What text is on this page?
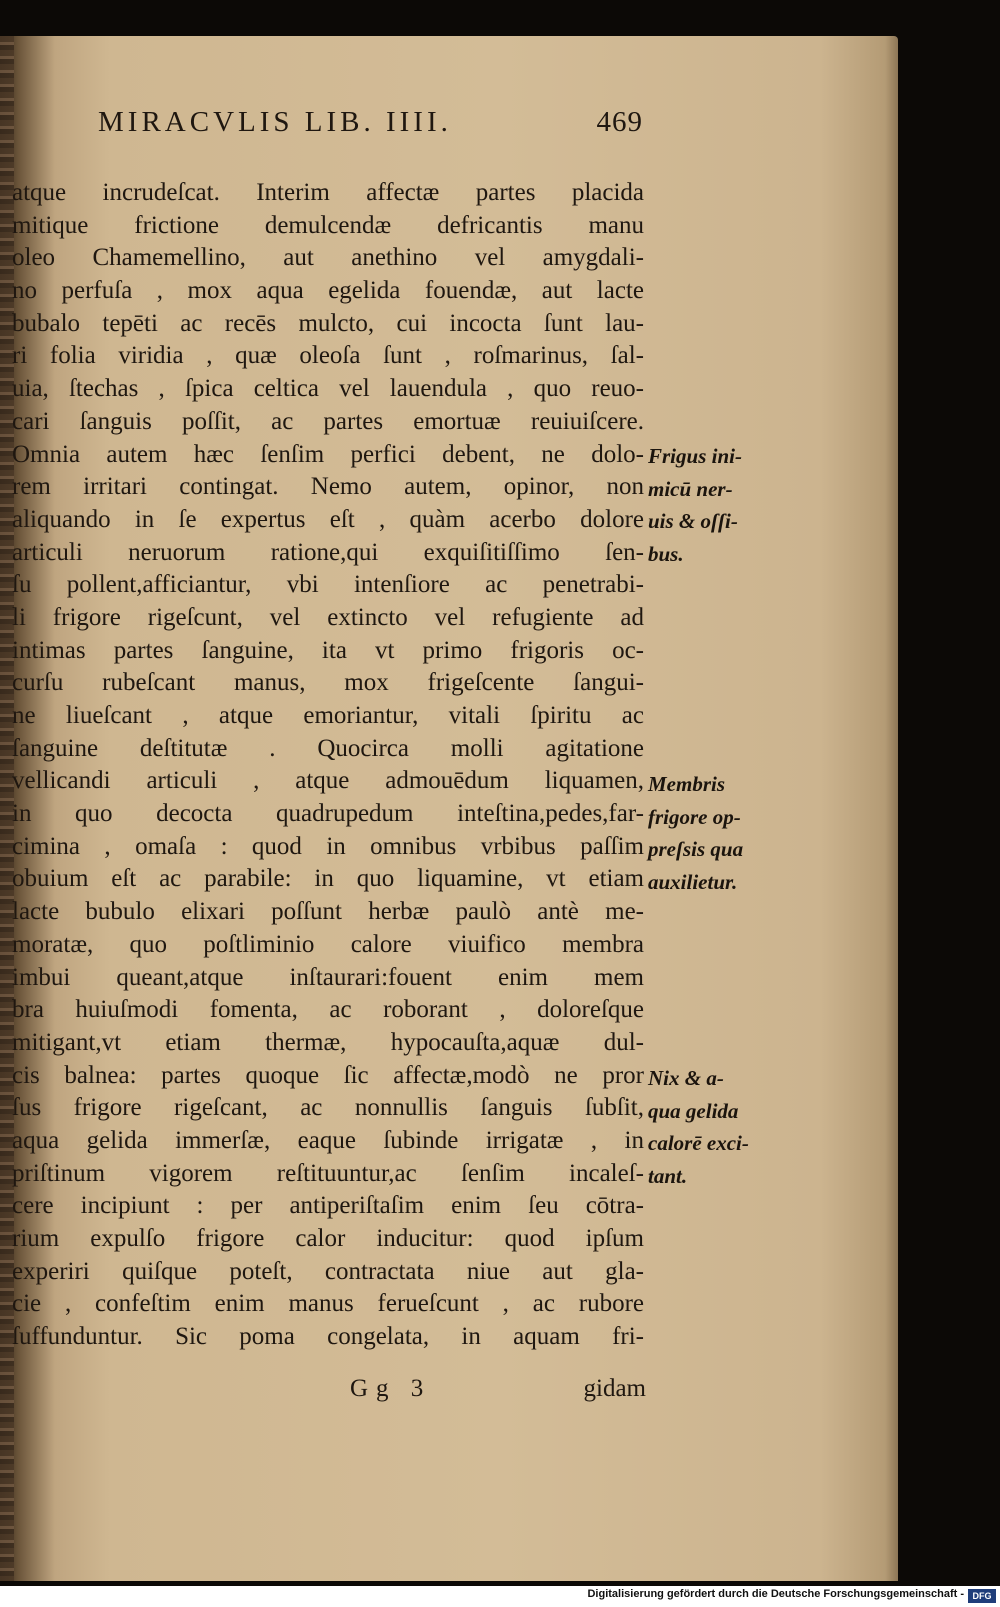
MIRACVLIS LIB. IIII.	469
atque incrudeſcat. Interim affectæ partes placida
mitique frictione demulcendæ defricantis manu
oleo Chamemellino, aut anethino vel amygdali-
no perfuſa , mox aqua egelida fouendæ, aut lacte
bubalo tepēti ac recēs mulcto, cui incocta ſunt lau-
ri folia viridia , quæ oleoſa ſunt , roſmarinus, ſal-
uia, ſtechas , ſpica celtica vel lauendula , quo reuo-
cari ſanguis poſſit, ac partes emortuæ reuiuiſcere.
Omnia autem hæc ſenſim perfici debent, ne dolo-
rem irritari contingat. Nemo autem, opinor, non
aliquando in ſe expertus eſt , quàm acerbo dolore
articuli neruorum ratione,qui exquiſitiſſimo ſen-
ſu pollent,afficiantur, vbi intenſiore ac penetrabi-
li frigore rigeſcunt, vel extincto vel refugiente ad
intimas partes ſanguine, ita vt primo frigoris oc-
curſu rubeſcant manus, mox frigeſcente ſangui-
ne liueſcant , atque emoriantur, vitali ſpiritu ac
ſanguine deſtitutæ . Quocirca molli agitatione
vellicandi articuli , atque admouēdum liquamen,
in quo decocta quadrupedum inteſtina,pedes,far-
cimina , omaſa : quod in omnibus vrbibus paſſim
obuium eſt ac parabile: in quo liquamine, vt etiam
lacte bubulo elixari poſſunt herbæ paulò antè me-
moratæ, quo poſtliminio calore viuifico membra
imbui queant,atque inſtaurari:fouent enim mem
bra huiuſmodi fomenta, ac roborant , doloreſque
mitigant,vt etiam thermæ, hypocauſta,aquæ dul-
cis balnea: partes quoque ſic affectæ,modò ne pror
ſus frigore rigeſcant, ac nonnullis ſanguis ſubſit,
aqua gelida immerſæ, eaque ſubinde irrigatæ , in
priſtinum vigorem reſtituuntur,ac ſenſim incaleſ-
cere incipiunt : per antiperiſtaſim enim ſeu cōtra-
rium expulſo frigore calor inducitur: quod ipſum
experiri quiſque poteſt, contractata niue aut gla-
cie , confeſtim enim manus ferueſcunt , ac rubore
ſuffunduntur. Sic poma congelata, in aquam fri-
Gg 3	gidam
Frigus ini-
micū ner-
uis & oſſi-
bus.
Membris
frigore op-
preſsis qua
auxilietur.
Nix & a-
qua gelida
calorē exci-
tant.
Digitalisierung gefördert durch die Deutsche Forschungsgemeinschaft - DFG
